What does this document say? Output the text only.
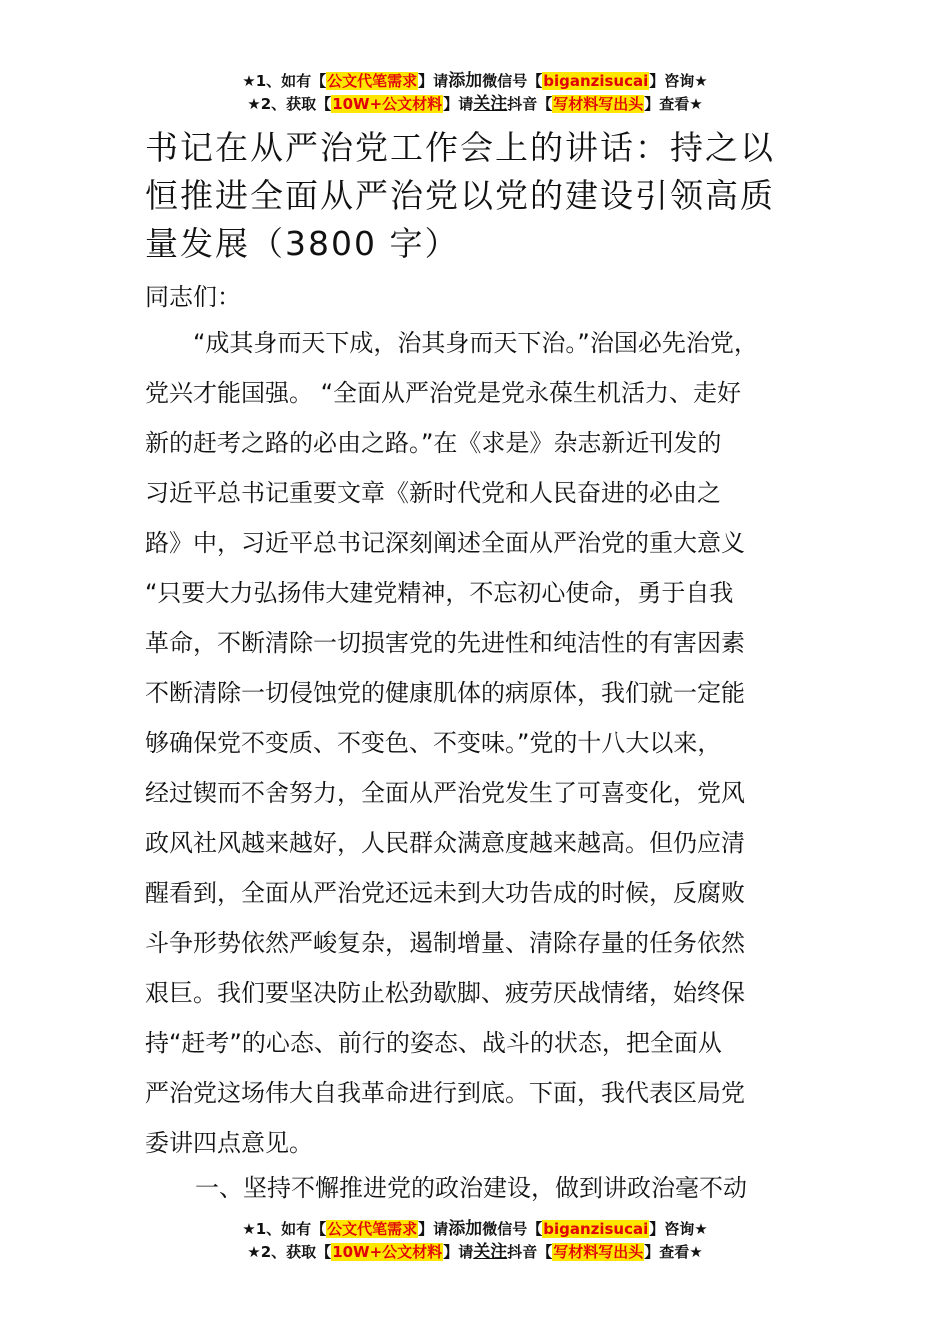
★1、如有【公文代笔需求】请添加微信号【biganzisucai】咨询★
★2、获取【10W+公文材料】请关注抖音【写材料写出头】查看★
书记在从严治党工作会上的讲话：持之以
恒推进全面从严治党以党的建设引领高质
量发展（3800 字）
同志们：
　　“成其身而天下成，治其身而天下治。”治国必先治党，
党兴才能国强。 “全面从严治党是党永葆生机活力、走好
新的赶考之路的必由之路。”在《求是》杂志新近刊发的
习近平总书记重要文章《新时代党和人民奋进的必由之
路》中，习近平总书记深刻阐述全面从严治党的重大意义
“只要大力弘扬伟大建党精神，不忘初心使命，勇于自我
革命，不断清除一切损害党的先进性和纯洁性的有害因素
不断清除一切侵蚀党的健康肌体的病原体，我们就一定能
够确保党不变质、不变色、不变味。”党的十八大以来，
经过锲而不舍努力，全面从严治党发生了可喜变化，党风
政风社风越来越好，人民群众满意度越来越高。但仍应清
醒看到，全面从严治党还远未到大功告成的时候，反腐败
斗争形势依然严峻复杂，遏制增量、清除存量的任务依然
艰巨。我们要坚决防止松劲歇脚、疲劳厌战情绪，始终保
持“赶考”的心态、前行的姿态、战斗的状态，把全面从
严治党这场伟大自我革命进行到底。下面，我代表区局党
委讲四点意见。
一、坚持不懈推进党的政治建设，做到讲政治毫不动
★1、如有【公文代笔需求】请添加微信号【biganzisucai】咨询★
★2、获取【10W+公文材料】请关注抖音【写材料写出头】查看★
